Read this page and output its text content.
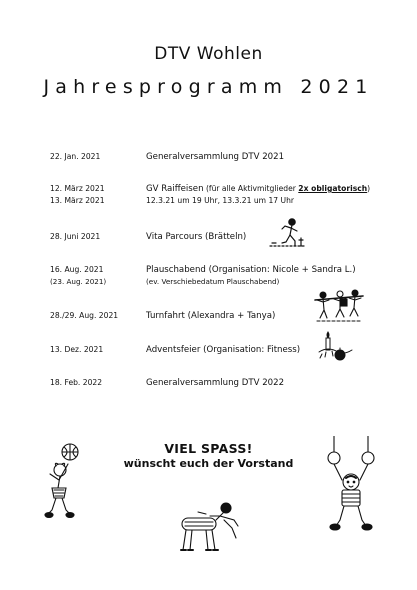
DTV Wohlen
Jahresprogramm 2021
22. Jan. 2021	Generalversammlung DTV 2021
12. März 2021	GV Raiffeisen (für alle Aktivmitglieder 2x obligatorisch)
13. März 2021	12.3.21 um 19 Uhr, 13.3.21 um 17 Uhr
28. Juni 2021	Vita Parcours (Brätteln)
16. Aug. 2021	Plauschabend (Organisation: Nicole + Sandra L.)
(23. Aug. 2021)	(ev. Verschiebedatum Plauschabend)
28./29. Aug. 2021	Turnfahrt (Alexandra + Tanya)
13. Dez. 2021	Adventsfeier (Organisation: Fitness)
18. Feb. 2022	Generalversammlung DTV 2022
VIEL SPASS!
wünscht euch der Vorstand
